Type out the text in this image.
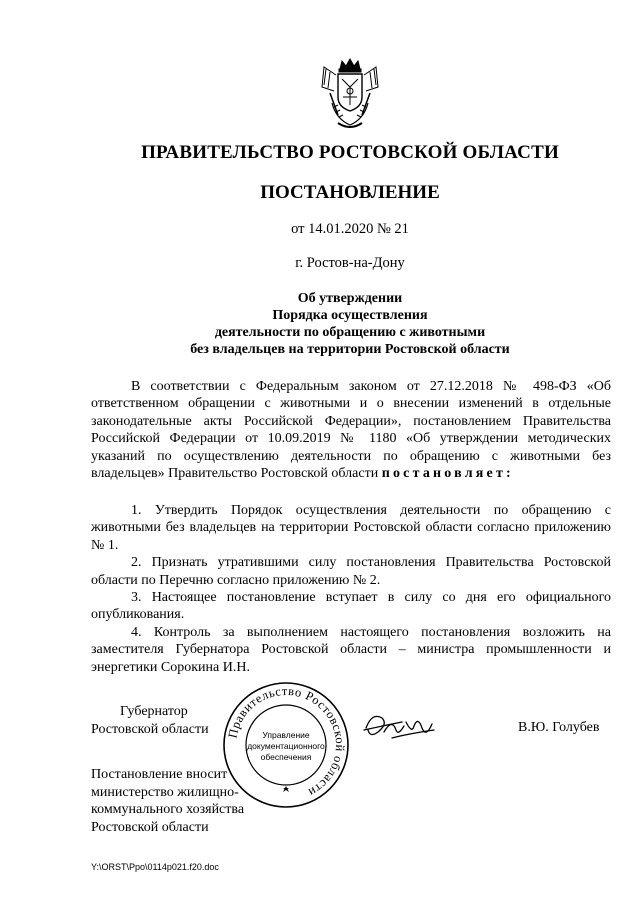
ПРАВИТЕЛЬСТВО РОСТОВСКОЙ ОБЛАСТИ
ПОСТАНОВЛЕНИЕ
от 14.01.2020 № 21
г. Ростов-на-Дону
Об утверждении
Порядка осуществления
деятельности по обращению с животными
без владельцев на территории Ростовской области

В соответствии с Федеральным законом от 27.12.2018 № 498-ФЗ «Об ответственном обращении с животными и о внесении изменений в отдельные законодательные акты Российской Федерации», постановлением Правительства Российской Федерации от 10.09.2019 № 1180 «Об утверждении методических указаний по осуществлению деятельности по обращению с животными без владельцев» Правительство Ростовской области постановляет:

1. Утвердить Порядок осуществления деятельности по обращению с животными без владельцев на территории Ростовской области согласно приложению № 1.

2. Признать утратившими силу постановления Правительства Ростовской области по Перечню согласно приложению № 2.

3. Настоящее постановление вступает в силу со дня его официального опубликования.

4. Контроль за выполнением настоящего постановления возложить на заместителя Губернатора Ростовской области – министра промышленности и энергетики Сорокина И.Н.

Губернатор
Ростовской области Правительство Ростовской области
Управление
документационного
обеспечения
В.Ю. Голубев
Постановление вносит
министерство жилищно-
коммунального хозяйства
Ростовской области
Y:\ORST\Ppo\0114p021.f20.doc
